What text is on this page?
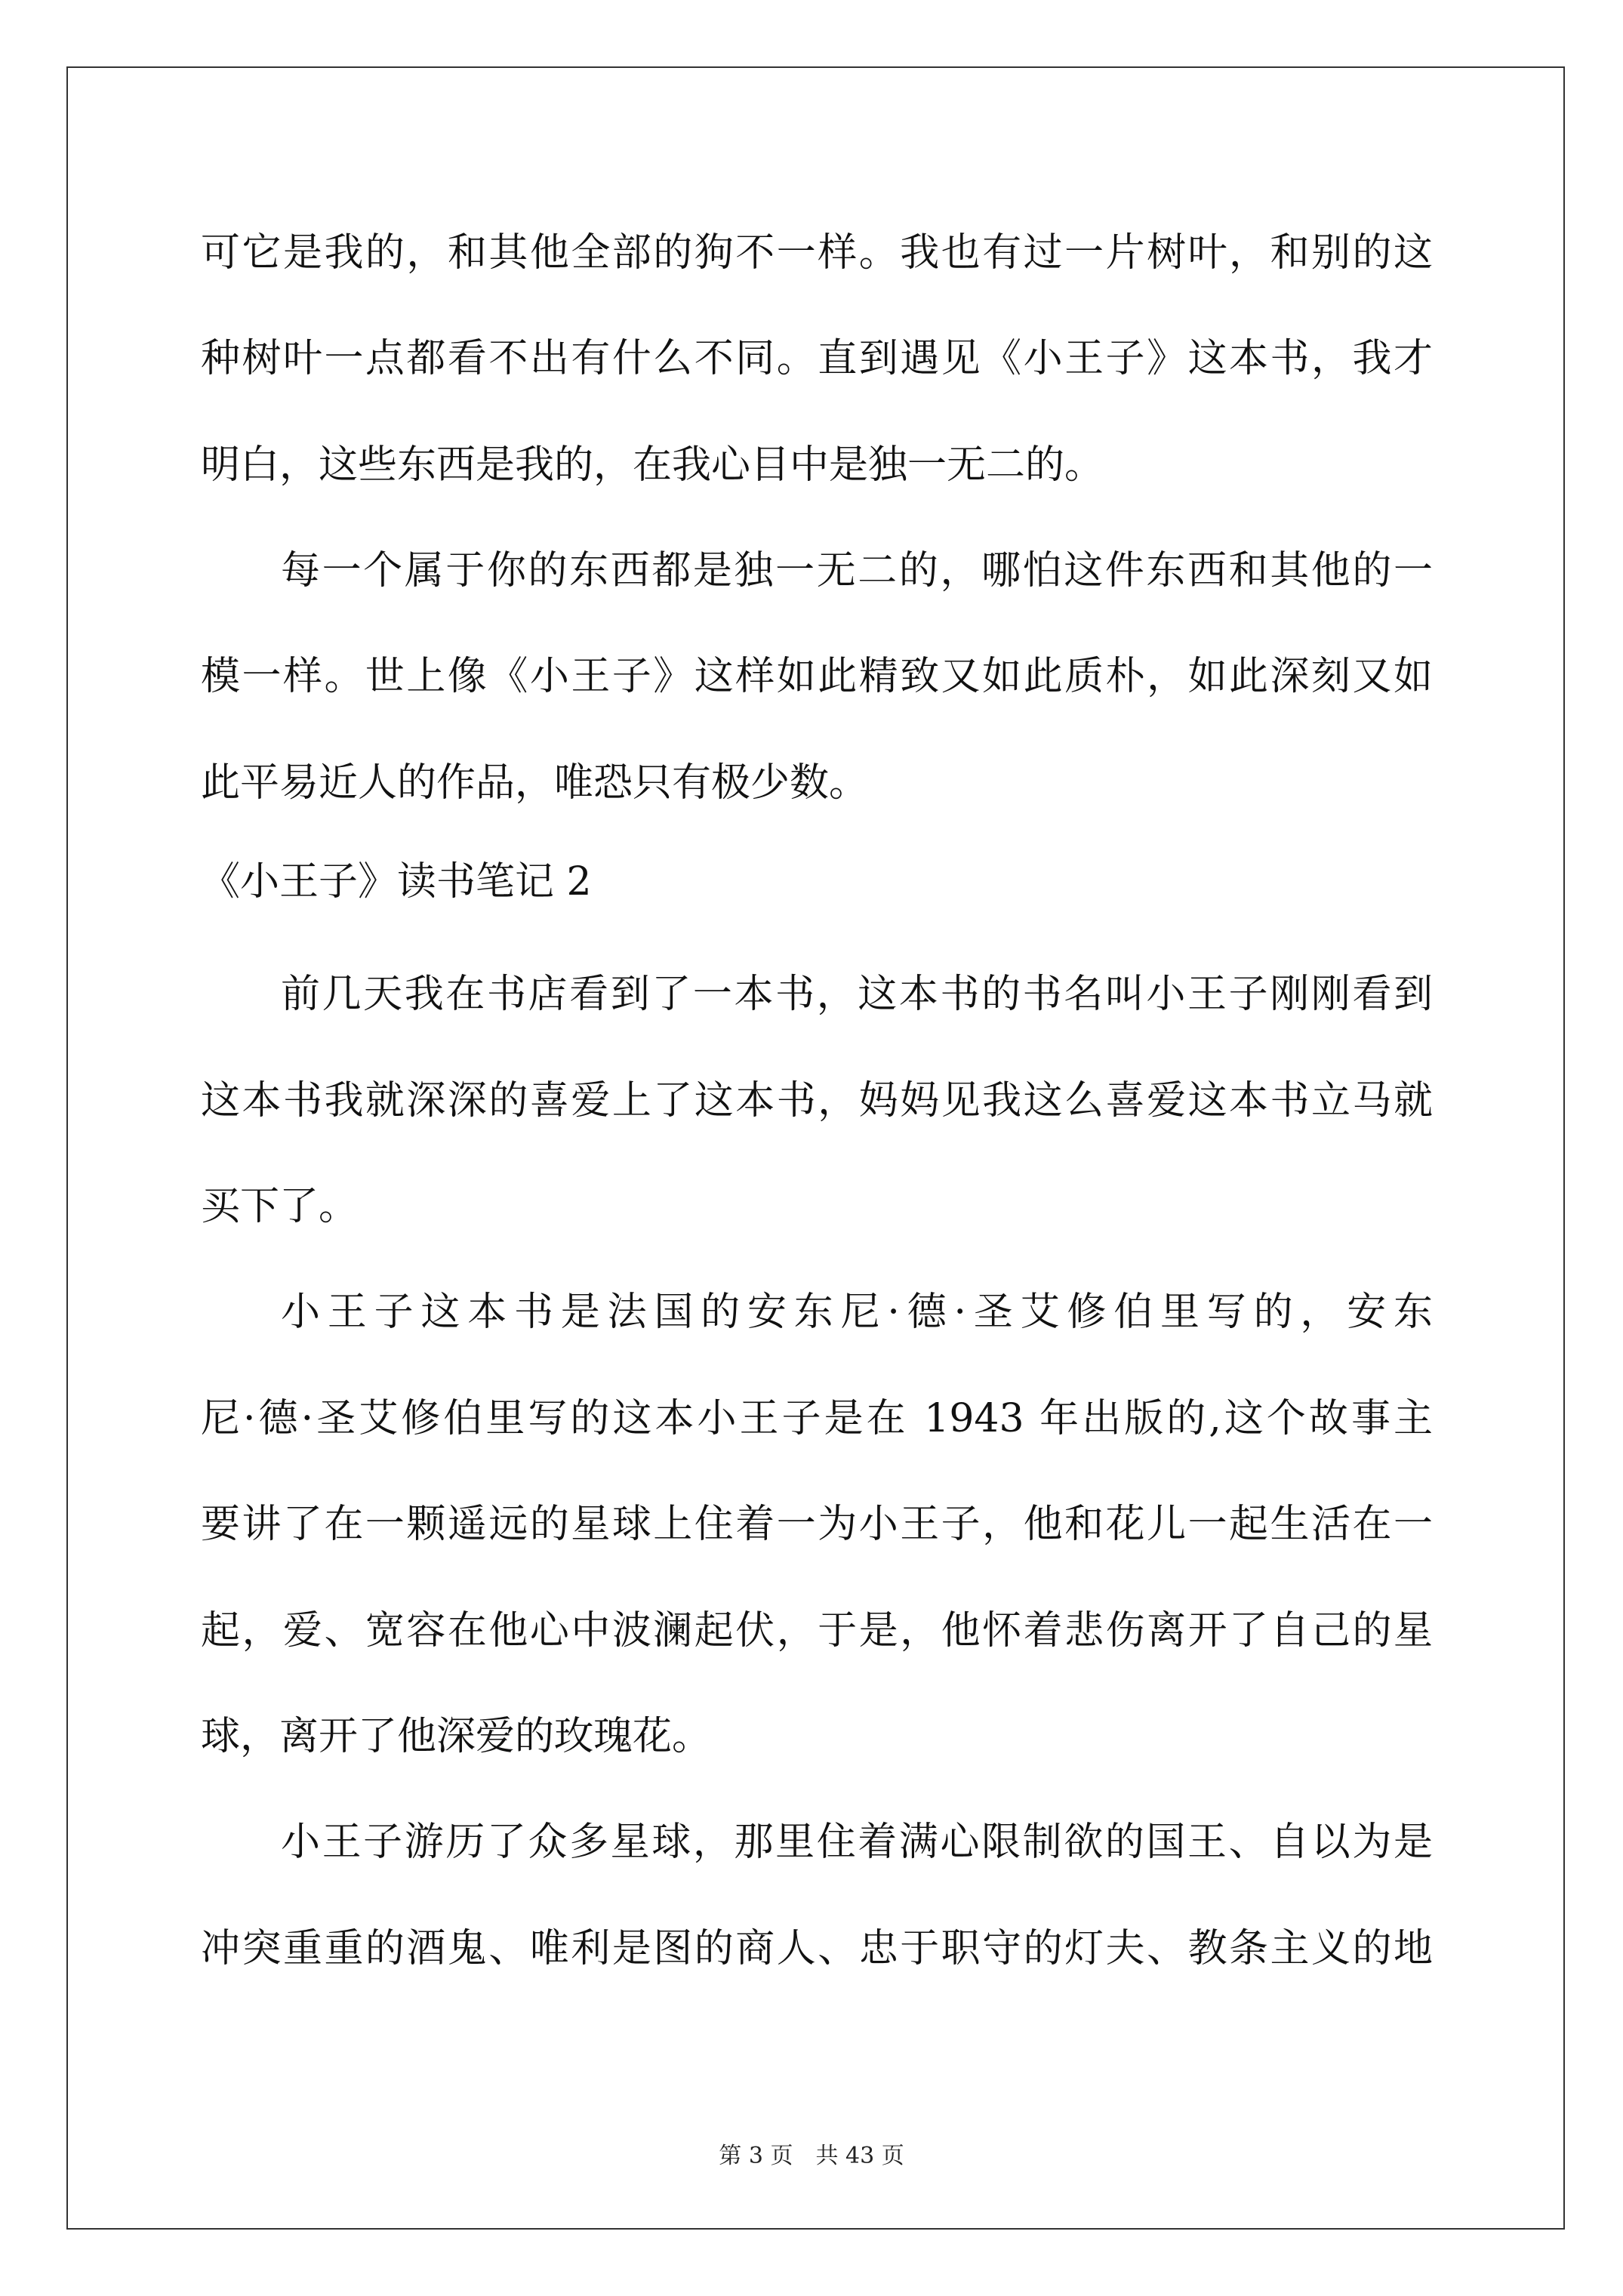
可它是我的，和其他全部的狗不一样。我也有过一片树叶，和别的这
种树叶一点都看不出有什么不同。直到遇见《小王子》这本书，我才
明白，这些东西是我的，在我心目中是独一无二的。
每一个属于你的东西都是独一无二的，哪怕这件东西和其他的一
模一样。世上像《小王子》这样如此精致又如此质朴，如此深刻又如
此平易近人的作品，唯恐只有极少数。
《小王子》读书笔记 2
前几天我在书店看到了一本书，这本书的书名叫小王子刚刚看到
这本书我就深深的喜爱上了这本书，妈妈见我这么喜爱这本书立马就
买下了。
小王子这本书是法国的安东尼·德·圣艾修伯里写的，安东
尼·德·圣艾修伯里写的这本小王子是在 1943 年出版的,这个故事主
要讲了在一颗遥远的星球上住着一为小王子，他和花儿一起生活在一
起，爱、宽容在他心中波澜起伏，于是，他怀着悲伤离开了自己的星
球，离开了他深爱的玫瑰花。
小王子游历了众多星球，那里住着满心限制欲的国王、自以为是
冲突重重的酒鬼、唯利是图的商人、忠于职守的灯夫、教条主义的地
第 3 页　共 43 页
